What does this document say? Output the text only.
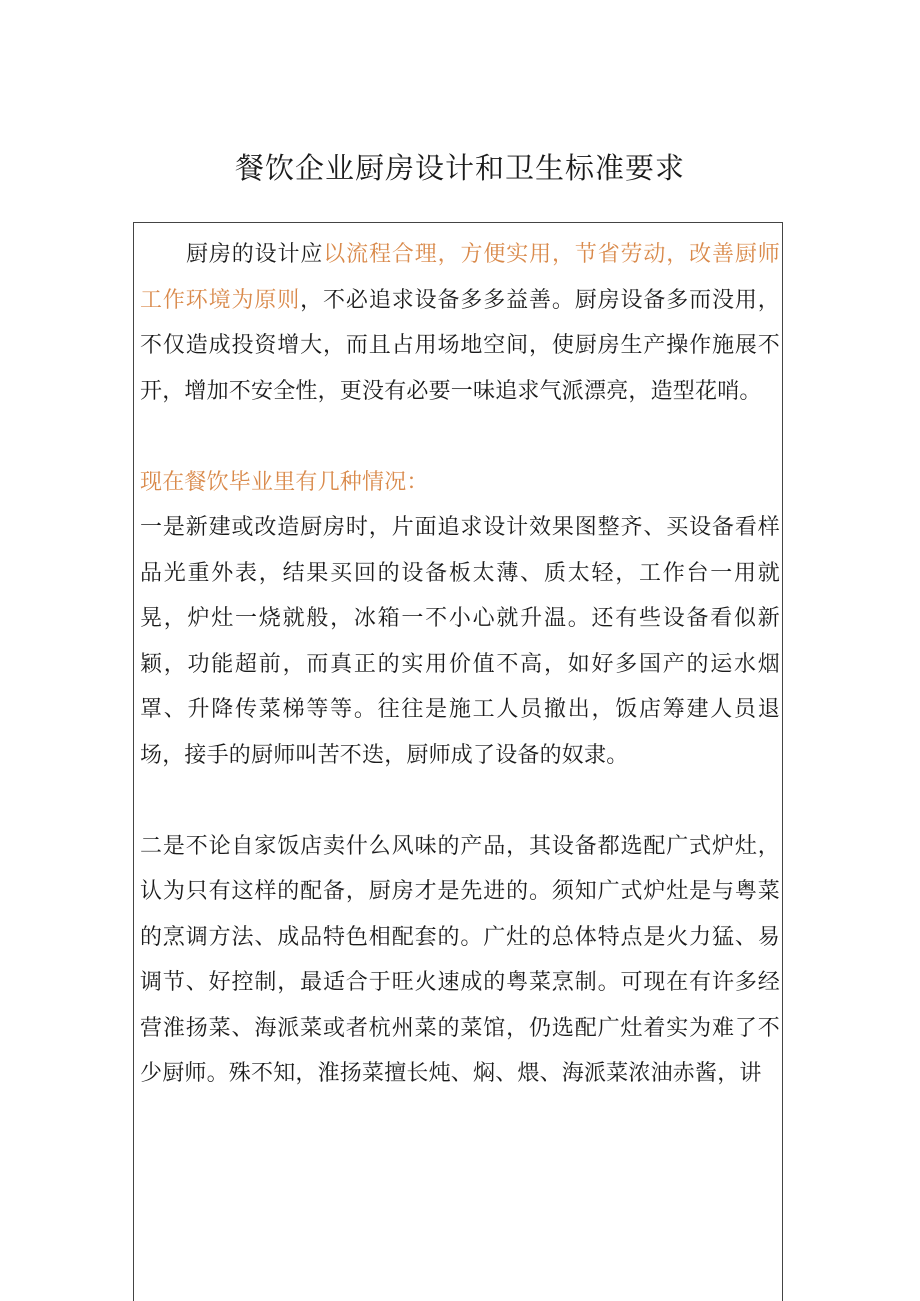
餐饮企业厨房设计和卫生标准要求

厨房的设计应以流程合理，方便实用，节省劳动，改善厨师工作环境为原则，不必追求设备多多益善。厨房设备多而没用，不仅造成投资增大，而且占用场地空间，使厨房生产操作施展不开，增加不安全性，更没有必要一味追求气派漂亮，造型花哨。

现在餐饮毕业里有几种情况：

一是新建或改造厨房时，片面追求设计效果图整齐、买设备看样品光重外表，结果买回的设备板太薄、质太轻，工作台一用就晃，炉灶一烧就般，冰箱一不小心就升温。还有些设备看似新颖，功能超前，而真正的实用价值不高，如好多国产的运水烟罩、升降传菜梯等等。往往是施工人员撤出，饭店筹建人员退场，接手的厨师叫苦不迭，厨师成了设备的奴隶。

二是不论自家饭店卖什么风味的产品，其设备都选配广式炉灶，认为只有这样的配备，厨房才是先进的。须知广式炉灶是与粤菜的烹调方法、成品特色相配套的。广灶的总体特点是火力猛、易调节、好控制，最适合于旺火速成的粤菜烹制。可现在有许多经营淮扬菜、海派菜或者杭州菜的菜馆，仍选配广灶着实为难了不少厨师。殊不知，淮扬菜擅长炖、焖、煨、海派菜浓油赤酱，讲
